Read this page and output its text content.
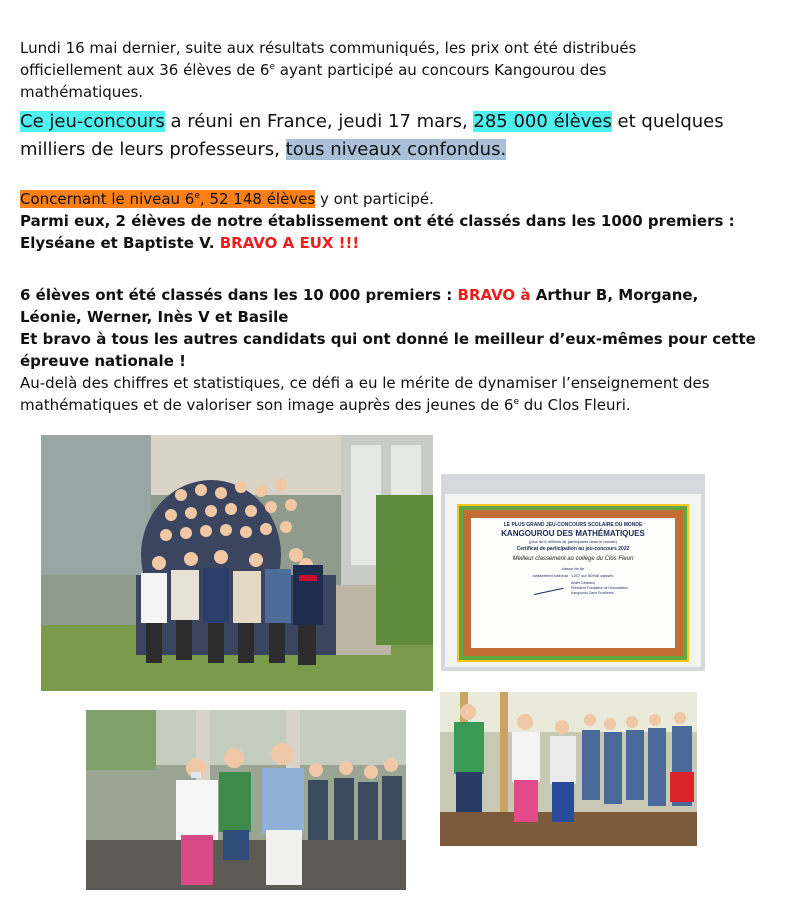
Lundi 16 mai dernier, suite aux résultats communiqués, les prix ont été distribués
officiellement aux 36 élèves de 6e ayant participé au concours Kangourou des
mathématiques.
Ce jeu-concours a réuni en France, jeudi 17 mars, 285 000 élèves et quelques
milliers de leurs professeurs, tous niveaux confondus.
Concernant le niveau 6e, 52 148 élèves y ont participé.
Parmi eux, 2 élèves de notre établissement ont été classés dans les 1000 premiers :
Elyséane et Baptiste V. BRAVO A EUX !!!
6 élèves ont été classés dans les 10 000 premiers : BRAVO à Arthur B, Morgane,
Léonie, Werner, Inès V et Basile
Et bravo à tous les autres candidats qui ont donné le meilleur d’eux-mêmes pour cette
épreuve nationale !
Au-delà des chiffres et statistiques, ce défi a eu le mérite de dynamiser l’enseignement des
mathématiques et de valoriser son image auprès des jeunes de 6e du Clos Fleuri.
LE PLUS GRAND JEU-CONCOURS SCOLAIRE DU MONDE
KANGOUROU DES MATHÉMATIQUES
(plus de 6 millions de participants dans le monde)
Certificat de participation au jeu-concours 2022
Meilleur classement au collège du Clos Fleuri
classe de 6e
classement national : 1207 sur 50948 classés
André Deledicq
Président Fondateur de l'Association
Kangourou Sans Frontières
